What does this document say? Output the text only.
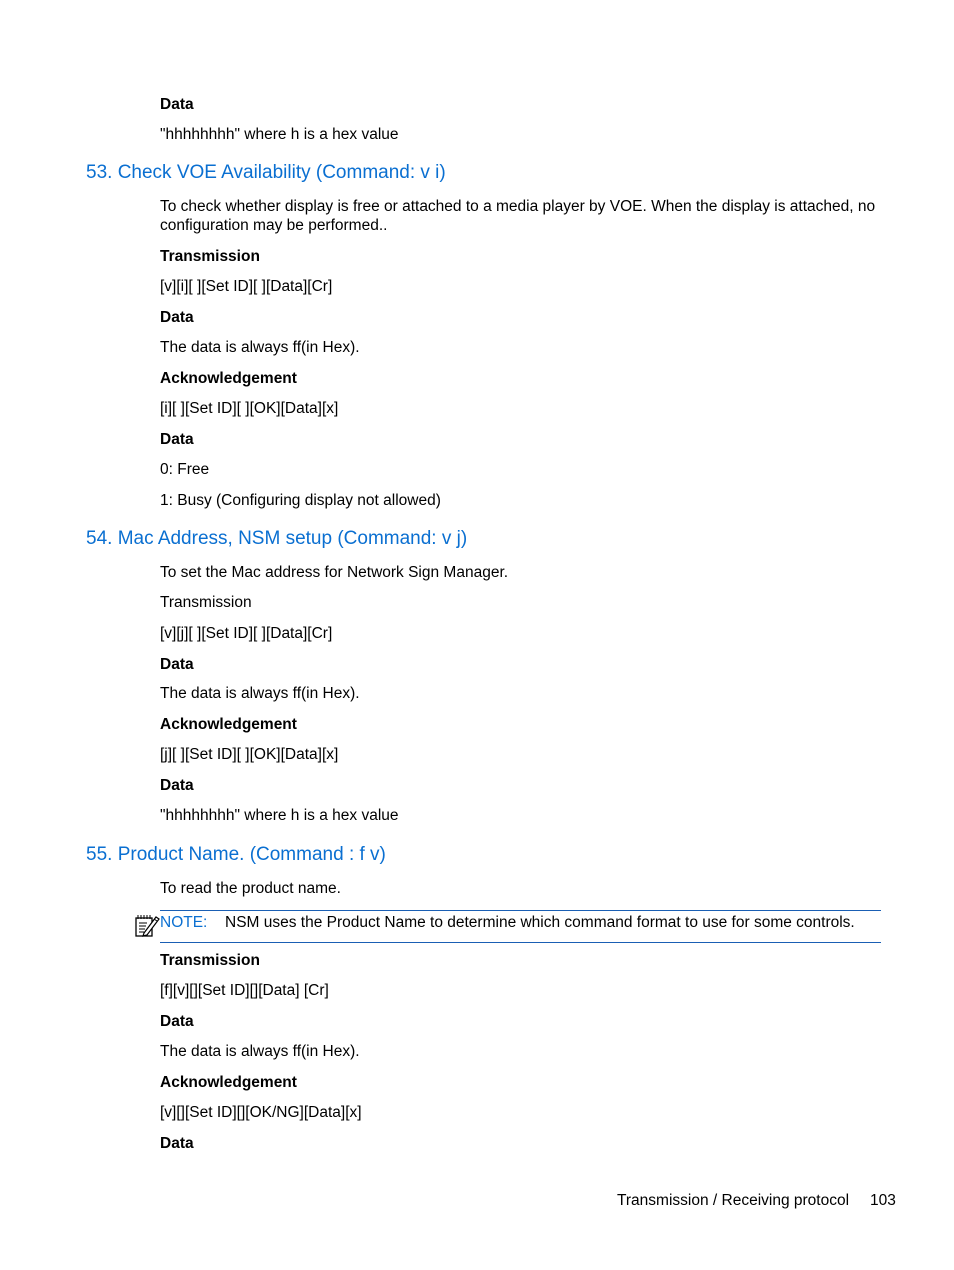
Data
"hhhhhhhh" where h is a hex value
53. Check VOE Availability (Command: v i)
To check whether display is free or attached to a media player by VOE. When the display is attached, no configuration may be performed..
Transmission
[v][i][ ][Set ID][ ][Data][Cr]
Data
The data is always ff(in Hex).
Acknowledgement
[i][ ][Set ID][ ][OK][Data][x]
Data
0: Free
1: Busy (Configuring display not allowed)
54. Mac Address, NSM setup (Command: v j)
To set the Mac address for Network Sign Manager.
Transmission
[v][j][ ][Set ID][ ][Data][Cr]
Data
The data is always ff(in Hex).
Acknowledgement
[j][ ][Set ID][ ][OK][Data][x]
Data
"hhhhhhhh" where h is a hex value
55. Product Name. (Command : f v)
To read the product name.
NOTE: NSM uses the Product Name to determine which command format to use for some controls.
Transmission
[f][v][][Set ID][][Data] [Cr]
Data
The data is always ff(in Hex).
Acknowledgement
[v][][Set ID][][OK/NG][Data][x]
Data
Transmission / Receiving protocol 103
